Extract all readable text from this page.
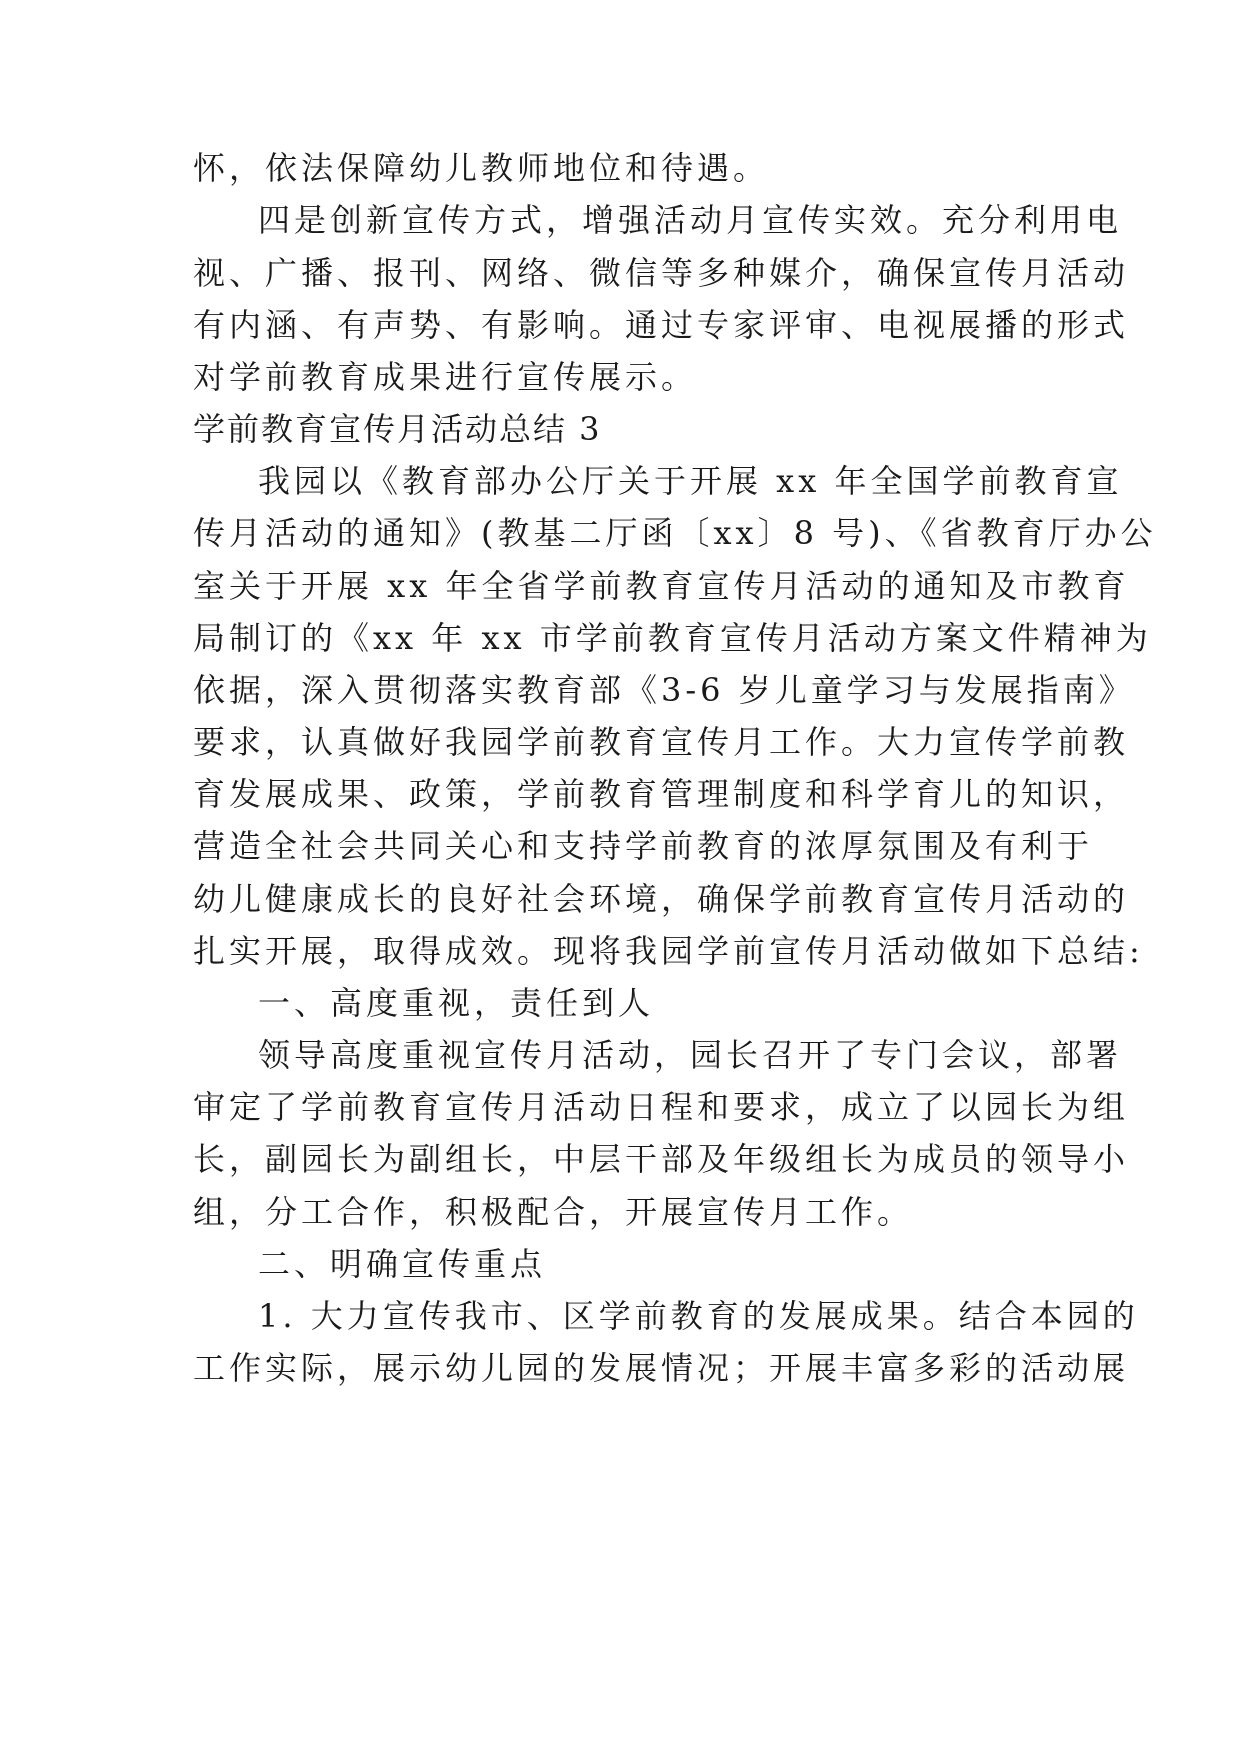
怀，依法保障幼儿教师地位和待遇。
四是创新宣传方式，增强活动月宣传实效。充分利用电
视、广播、报刊、网络、微信等多种媒介，确保宣传月活动
有内涵、有声势、有影响。通过专家评审、电视展播的形式
对学前教育成果进行宣传展示。
学前教育宣传月活动总结 3
我园以《教育部办公厅关于开展 xx 年全国学前教育宣
传月活动的通知》(教基二厅函〔xx〕8 号)、《省教育厅办公
室关于开展 xx 年全省学前教育宣传月活动的通知及市教育
局制订的《xx 年 xx 市学前教育宣传月活动方案文件精神为
依据，深入贯彻落实教育部《3-6 岁儿童学习与发展指南》
要求，认真做好我园学前教育宣传月工作。大力宣传学前教
育发展成果、政策，学前教育管理制度和科学育儿的知识，
营造全社会共同关心和支持学前教育的浓厚氛围及有利于
幼儿健康成长的良好社会环境，确保学前教育宣传月活动的
扎实开展，取得成效。现将我园学前宣传月活动做如下总结:
一、高度重视，责任到人
领导高度重视宣传月活动，园长召开了专门会议，部署
审定了学前教育宣传月活动日程和要求，成立了以园长为组
长，副园长为副组长，中层干部及年级组长为成员的领导小
组，分工合作，积极配合，开展宣传月工作。
二、明确宣传重点
1. 大力宣传我市、区学前教育的发展成果。结合本园的
工作实际，展示幼儿园的发展情况；开展丰富多彩的活动展
